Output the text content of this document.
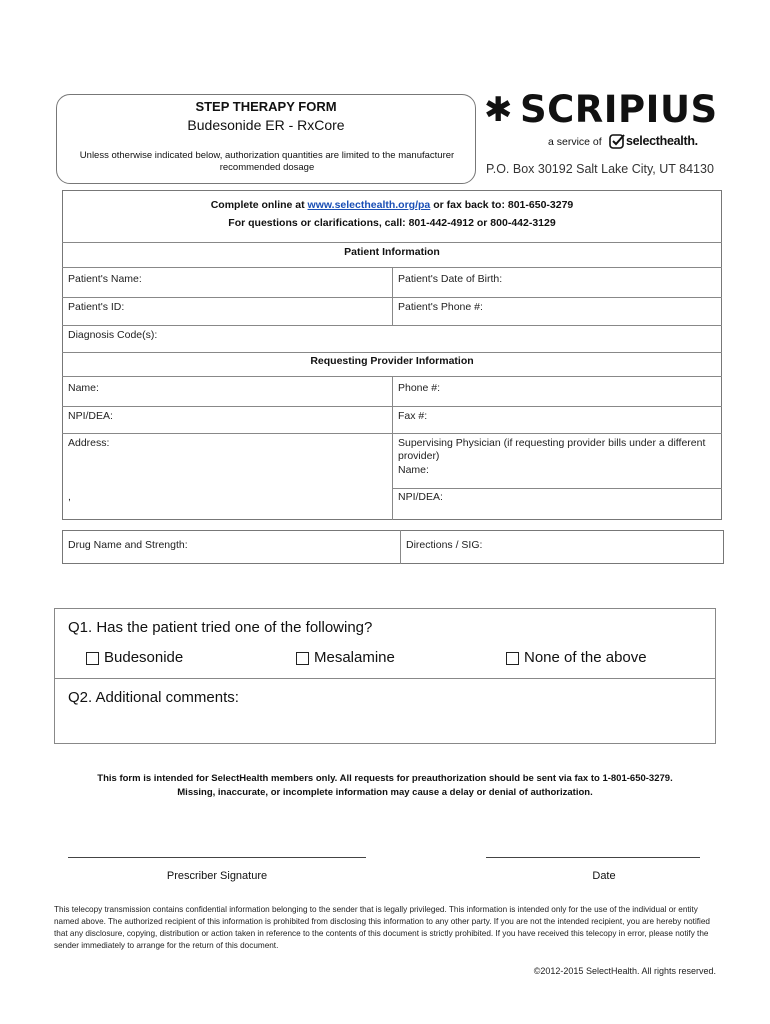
STEP THERAPY FORM
Budesonide ER - RxCore
Unless otherwise indicated below, authorization quantities are limited to the manufacturer recommended dosage
✱ SCRIPIUS
a service of selecthealth.
P.O. Box 30192 Salt Lake City, UT 84130
Complete online at www.selecthealth.org/pa or fax back to: 801-650-3279
For questions or clarifications, call: 801-442-4912 or 800-442-3129
Patient Information
Patient's Name:	Patient's Date of Birth:
Patient's ID:	Patient's Phone #:
Diagnosis Code(s):
Requesting Provider Information
Name:	Phone #:
NPI/DEA:	Fax #:
Address:	Supervising Physician (if requesting provider bills under a different provider)
Name:
,	NPI/DEA:
Drug Name and Strength:	Directions / SIG:
Q1. Has the patient tried one of the following?
Budesonide	Mesalamine	None of the above
Q2. Additional comments:
This form is intended for SelectHealth members only. All requests for preauthorization should be sent via fax to 1-801-650-3279.
Missing, inaccurate, or incomplete information may cause a delay or denial of authorization.
Prescriber Signature	Date
This telecopy transmission contains confidential information belonging to the sender that is legally privileged. This information is intended only for the use of the individual or entity named above. The authorized recipient of this information is prohibited from disclosing this information to any other party. If you are not the intended recipient, you are hereby notified that any disclosure, copying, distribution or action taken in reference to the contents of this document is strictly prohibited. If you have received this telecopy in error, please notify the sender immediately to arrange for the return of this document.
©2012-2015 SelectHealth. All rights reserved.
